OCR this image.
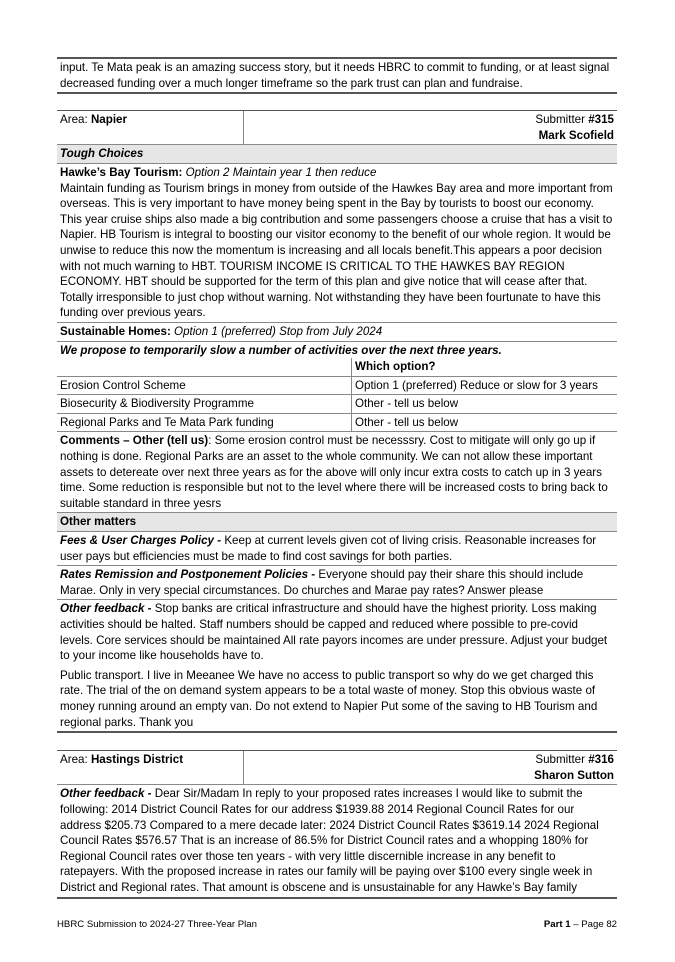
input. Te Mata peak is an amazing success story, but it needs HBRC to commit to funding, or at least signal decreased funding over a much longer timeframe so the park trust can plan and fundraise.
Area: Napier	Submitter #315
Mark Scofield
Tough Choices
Hawke’s Bay Tourism: Option 2 Maintain year 1 then reduce
Maintain funding as Tourism brings in money from outside of the Hawkes Bay area and more important from overseas. This is very important to have money being spent in the Bay by tourists to boost our economy. This year cruise ships also made a big contribution and some passengers choose a cruise that has a visit to Napier. HB Tourism is integral to boosting our visitor economy to the benefit of our whole region. It would be unwise to reduce this now the momentum is increasing and all locals benefit.This appears a poor decision with not much warning to HBT. TOURISM INCOME IS CRITICAL TO THE HAWKES BAY REGION ECONOMY. HBT should be supported for the term of this plan and give notice that will cease after that. Totally irresponsible to just chop without warning. Not withstanding they have been fourtunate to have this funding over previous years.
Sustainable Homes: Option 1 (preferred) Stop from July 2024
We propose to temporarily slow a number of activities over the next three years.
Which option?
Erosion Control Scheme	Option 1 (preferred) Reduce or slow for 3 years
Biosecurity & Biodiversity Programme	Other - tell us below
Regional Parks and Te Mata Park funding	Other - tell us below
Comments – Other (tell us): Some erosion control must be necesssry. Cost to mitigate will only go up if nothing is done. Regional Parks are an asset to the whole community. We can not allow these important assets to detereate over next three years as for the above will only incur extra costs to catch up in 3 years time. Some reduction is responsible but not to the level where there will be increased costs to bring back to suitable standard in three yesrs
Other matters
Fees & User Charges Policy - Keep at current levels given cot of living crisis. Reasonable increases for user pays but efficiencies must be made to find cost savings for both parties.
Rates Remission and Postponement Policies - Everyone should pay their share this should include Marae. Only in very special circumstances. Do churches and Marae pay rates? Answer please
Other feedback - Stop banks are critical infrastructure and should have the highest priority. Loss making activities should be halted. Staff numbers should be capped and reduced where possible to pre-covid levels. Core services should be maintained All rate payors incomes are under pressure. Adjust your budget to your income like households have to.
Public transport. I live in Meeanee We have no access to public transport so why do we get charged this rate. The trial of the on demand system appears to be a total waste of money. Stop this obvious waste of money running around an empty van. Do not extend to Napier Put some of the saving to HB Tourism and regional parks. Thank you
Area: Hastings District	Submitter #316
Sharon Sutton
Other feedback - Dear Sir/Madam In reply to your proposed rates increases I would like to submit the following: 2014 District Council Rates for our address $1939.88 2014 Regional Council Rates for our address $205.73 Compared to a mere decade later: 2024 District Council Rates $3619.14 2024 Regional Council Rates $576.57 That is an increase of 86.5% for District Council rates and a whopping 180% for Regional Council rates over those ten years - with very little discernible increase in any benefit to ratepayers. With the proposed increase in rates our family will be paying over $100 every single week in District and Regional rates. That amount is obscene and is unsustainable for any Hawke’s Bay family
HBRC Submission to 2024-27 Three-Year Plan	Part 1 – Page 82
